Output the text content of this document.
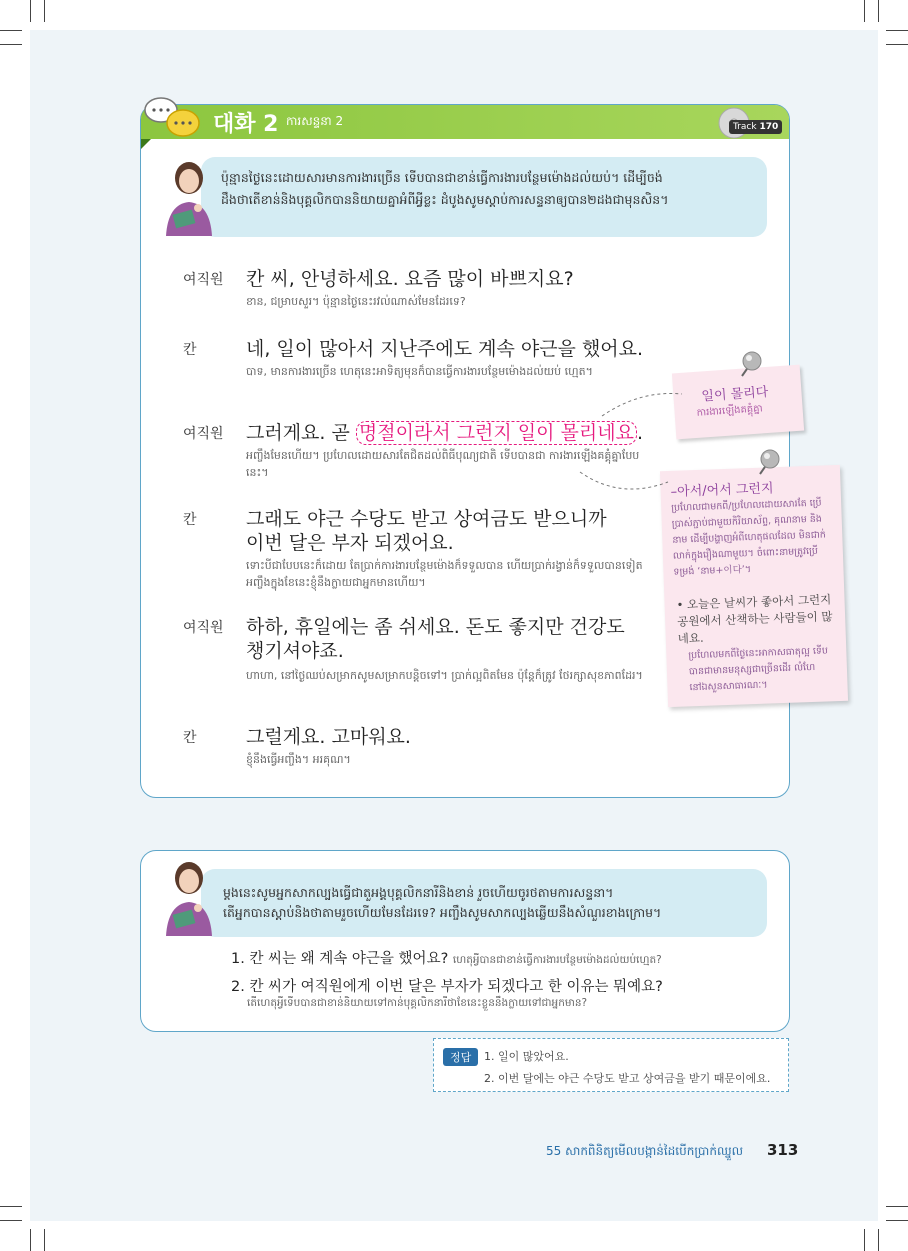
대화 2 ការសន្ទនា 2	Track 170
ប៉ុន្មានថ្ងៃនេះដោយសារមានការងារច្រើន ទើបបានជាខាន់ធ្វើការងារបន្ថែមម៉ោងដល់យប់។ ដើម្បីចង់
ដឹងថាតើខាន់និងបុគ្គលិកបាននិយាយគ្នាអំពីអ្វីខ្លះ ដំបូងសូមស្ដាប់ការសន្ទនាឲ្យបាន២ដងជាមុនសិន។
여직원 칸 씨, 안녕하세요. 요즘 많이 바쁘지요?
ខាន, ជម្រាបសួរ។ ប៉ុន្មានថ្ងៃនេះរវល់ណាស់មែនដែរទេ?
칸	네, 일이 많아서 지난주에도 계속 야근을 했어요.
បាទ, មានការងារច្រើន ហេតុនេះអាទិត្យមុនក៏បានធ្វើការងារបន្ថែមម៉ោងដល់យប់ ហ្មេត។
여직원 그러게요. 곧 명절이라서 그런지 일이 몰리네요 .
អញ្ចឹងមែនហើយ។ ប្រហែលដោយសារតែជិតដល់ពិធីបុណ្យជាតិ ទើបបានជា ការងារឡើងគគ្គុំគ្នាបែបនេះ។
칸	그래도 야근 수당도 받고 상여금도 받으니까 이번 달은 부자 되겠어요.
ទោះបីជាបែបនេះក៏ដោយ តែប្រាក់ការងារបន្ថែមម៉ោងក៏ទទួលបាន ហើយប្រាក់រង្វាន់ក៏ទទួលបានទៀត អញ្ចឹងក្នុងខែនេះខ្ញុំនឹងក្លាយជាអ្នកមានហើយ។
여직원 하하, 휴일에는 좀 쉬세요. 돈도 좋지만 건강도 챙기셔야죠.
ហាហា, នៅថ្ងៃឈប់សម្រាកសូមសម្រាកបន្តិចទៅ។ ប្រាក់ល្អពិតមែន ប៉ុន្តែក៏ត្រូវ ថែរក្សាសុខភាពដែរ។
칸	그럴게요. 고마워요.
ខ្ញុំនឹងធ្វើអញ្ចឹង។ អរគុណ។
일이 몰리다
ការងារឡើងគគ្គុំគ្នា
–아서/어서 그런지
ប្រហែលជាមកពី/ប្រហែលដោយសារតែ ប្រើប្រាស់ភ្ជាប់ជាមួយកិរិយាស័ព្ទ, គុណនាម និងនាម ដើម្បីបង្ហាញអំពីហេតុផលដែល មិនជាក់លាក់ក្នុងរឿងណាមួយ។ ចំពោះនាមត្រូវប្រើទម្រង់ ‘នាម+이다’។
• 오늘은 날씨가 좋아서 그런지 공원에서 산책하는 사람들이 많네요.
ប្រហែលមកពីថ្ងៃនេះអាកាសធាតុល្អ ទើបបានជាមានមនុស្សជាច្រើនដើរ លំហែនៅឯសួនសាធារណៈ។
ម្ដងនេះសូមអ្នកសាកល្បងធ្វើជាតួអង្គបុគ្គលិកនារីនិងខាន់ រួចហើយចូរថតាមការសន្ទនា។
តើអ្នកបានស្ដាប់និងថាតាមរួចហើយមែនដែរទេ? អញ្ចឹងសូមសាកល្បងឆ្លើយនឹងសំណួរខាងក្រោម។
1. 칸 씨는 왜 계속 야근을 했어요? ហេតុអ្វីបានជាខាន់ធ្វើការងារបន្ថែមម៉ោងដល់យប់ហ្មេត?
2. 칸 씨가 여직원에게 이번 달은 부자가 되겠다고 한 이유는 뭐예요?
តើហេតុអ្វីទើបបានជាខាន់និយាយទៅកាន់បុគ្គលិកនារីថាខែនេះខ្លួននឹងក្លាយទៅជាអ្នកមាន?
정답	1. 일이 많았어요.
2. 이번 달에는 야근 수당도 받고 상여금을 받기 때문이에요.
55 សាកពិនិត្យមើលបង្កាន់ដៃបើកប្រាក់ឈ្នួល 313
